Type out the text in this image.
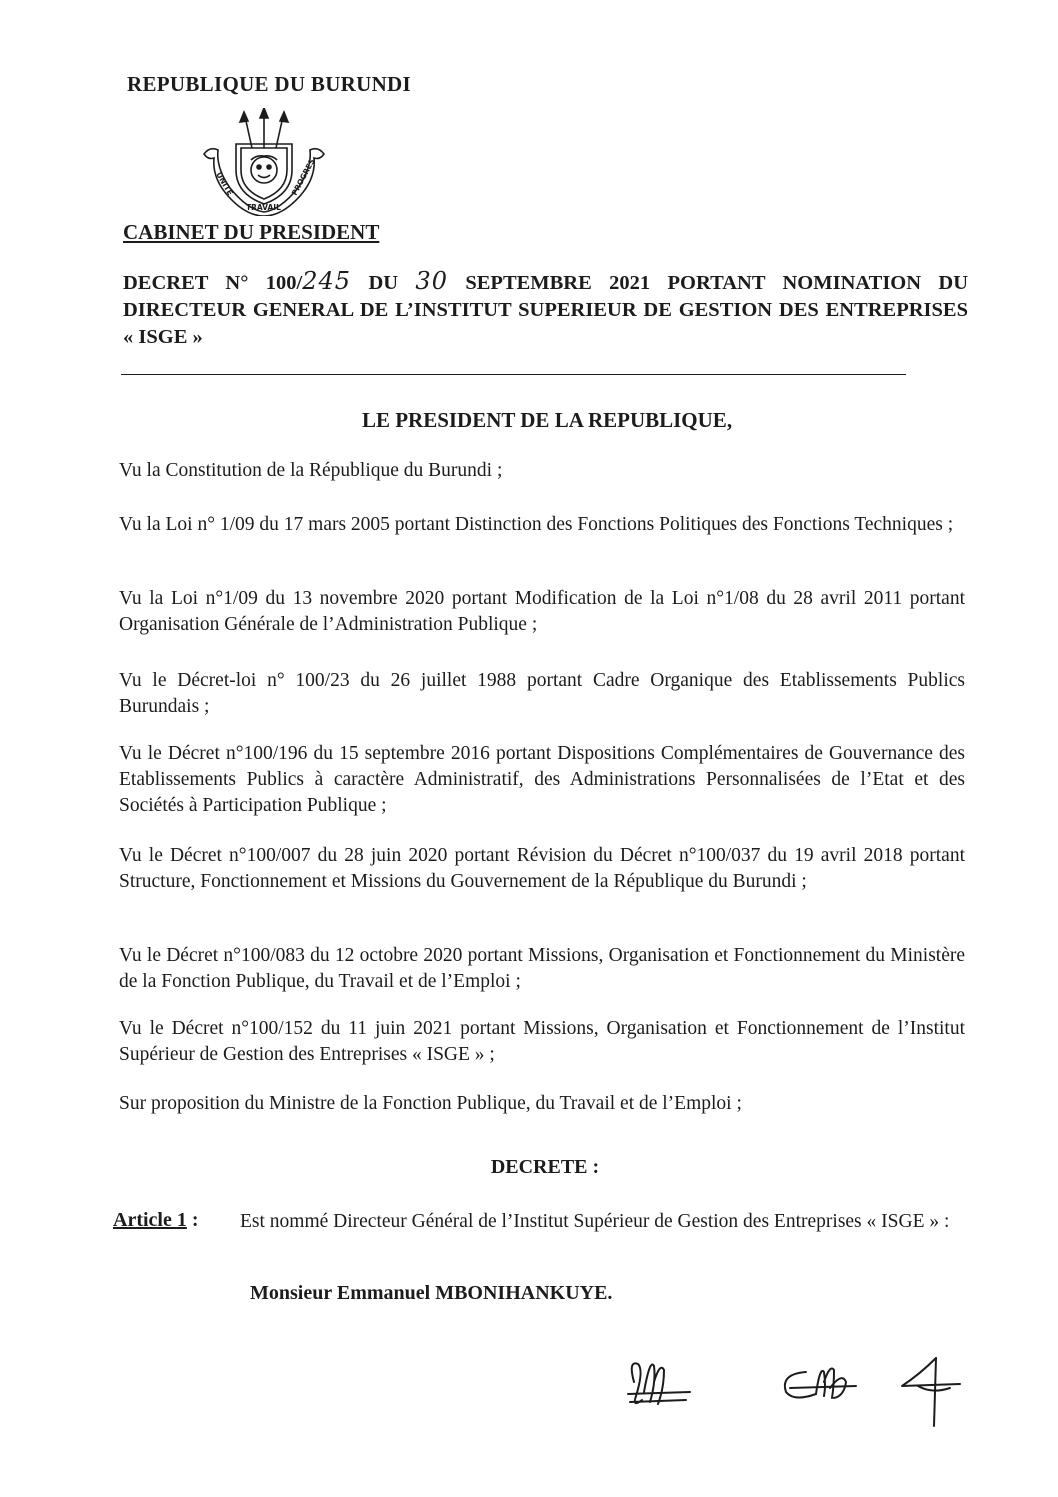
REPUBLIQUE DU BURUNDI
UNITE
TRAVAIL
PROGRES
CABINET DU PRESIDENT
DECRET N° 100/245 DU 30 SEPTEMBRE 2021 PORTANT NOMINATION DU DIRECTEUR GENERAL DE L’INSTITUT SUPERIEUR DE GESTION DES ENTREPRISES « ISGE »
LE PRESIDENT DE LA REPUBLIQUE,
Vu la Constitution de la République du Burundi ;
Vu la Loi n° 1/09 du 17 mars 2005 portant Distinction des Fonctions Politiques des Fonctions Techniques ;
Vu la Loi n°1/09 du 13 novembre 2020 portant Modification de la Loi n°1/08 du 28 avril 2011 portant Organisation Générale de l’Administration Publique ;
Vu le Décret-loi n° 100/23 du 26 juillet 1988 portant Cadre Organique des Etablissements Publics Burundais ;
Vu le Décret n°100/196 du 15 septembre 2016 portant Dispositions Complémentaires de Gouvernance des Etablissements Publics à caractère Administratif, des Administrations Personnalisées de l’Etat et des Sociétés à Participation Publique ;
Vu le Décret n°100/007 du 28 juin 2020 portant Révision du Décret n°100/037 du 19 avril 2018 portant Structure, Fonctionnement et Missions du Gouvernement de la République du Burundi ;
Vu le Décret n°100/083 du 12 octobre 2020 portant Missions, Organisation et Fonctionnement du Ministère de la Fonction Publique, du Travail et de l’Emploi ;
Vu le Décret n°100/152 du 11 juin 2021 portant Missions, Organisation et Fonctionnement de l’Institut Supérieur de Gestion des Entreprises « ISGE » ;
Sur proposition du Ministre de la Fonction Publique, du Travail et de l’Emploi ;
DECRETE :
Article 1 : Est nommé Directeur Général de l’Institut Supérieur de Gestion des Entreprises « ISGE » :
Monsieur Emmanuel MBONIHANKUYE.
